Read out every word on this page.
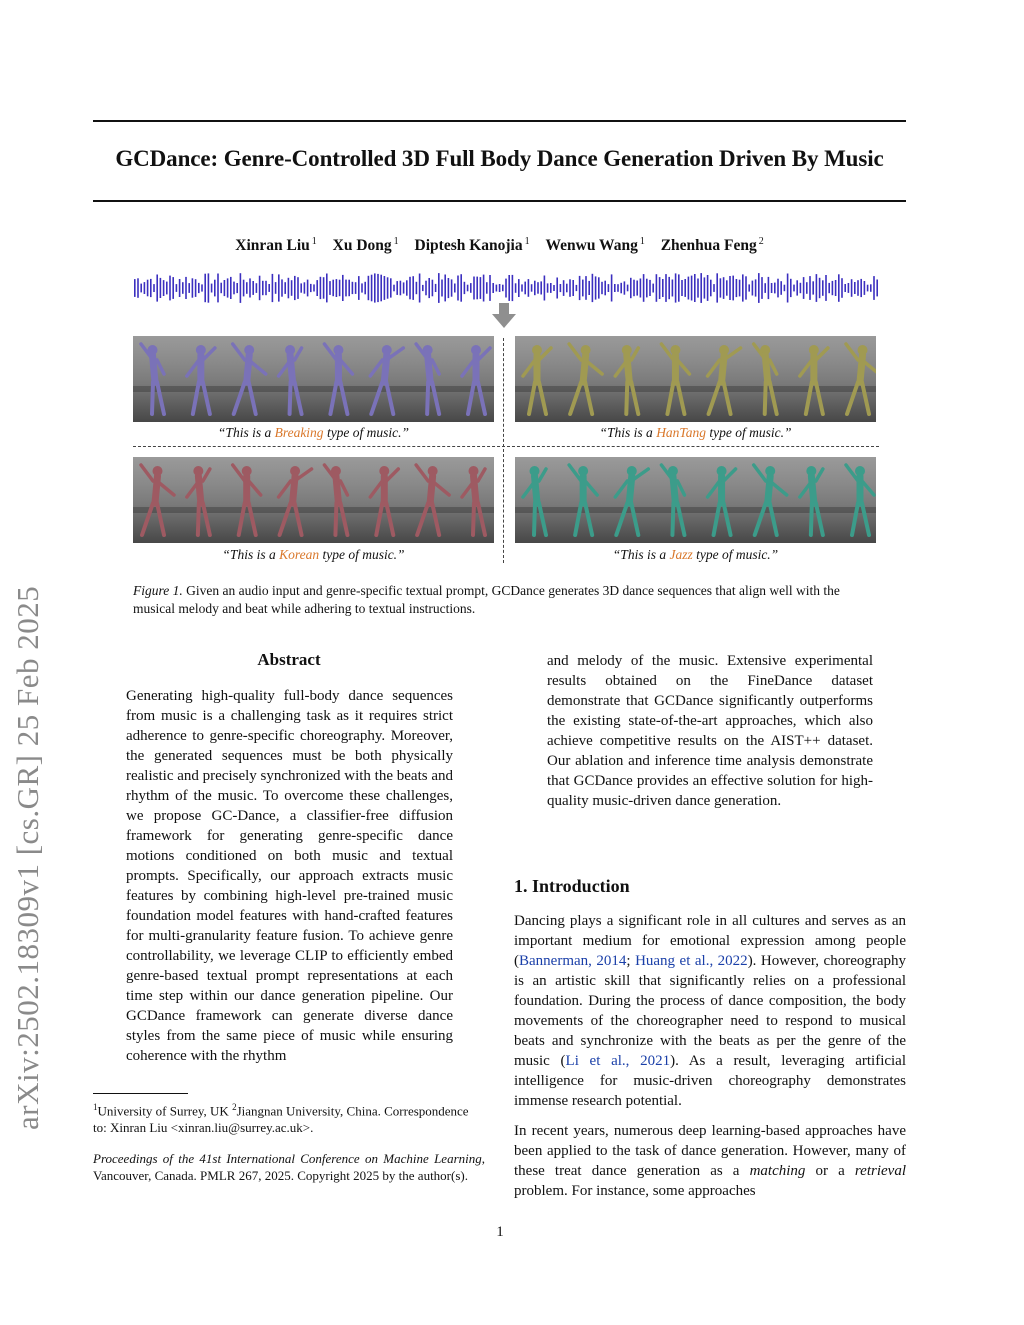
arXiv:2502.18309v1 [cs.GR] 25 Feb 2025
GCDance: Genre-Controlled 3D Full Body Dance Generation Driven By Music
Xinran Liu $^1$ Xu Dong $^1$ Diptesh Kanojia $^1$ Wenwu Wang $^1$ Zhenhua Feng $^2$
“This is a Breaking type of music.”	“This is a HanTang type of music.”
“This is a Korean type of music.”	“This is a Jazz type of music.”
Figure 1. Given an audio input and genre-specific textual prompt, GCDance generates 3D dance sequences that align well with the musical melody and beat while adhering to textual instructions.
Abstract
Generating high-quality full-body dance sequences from music is a challenging task as it requires strict adherence to genre-specific choreography. Moreover, the generated sequences must be both physically realistic and precisely synchronized with the beats and rhythm of the music. To overcome these challenges, we propose GC-Dance, a classifier-free diffusion framework for generating genre-specific dance motions conditioned on both music and textual prompts. Specifically, our approach extracts music features by combining high-level pre-trained music foundation model features with hand-crafted features for multi-granularity feature fusion. To achieve genre controllability, we leverage CLIP to efficiently embed genre-based textual prompt representations at each time step within our dance generation pipeline. Our GCDance framework can generate diverse dance styles from the same piece of music while ensuring coherence with the rhythm
and melody of the music. Extensive experimental results obtained on the FineDance dataset demonstrate that GCDance significantly outperforms the existing state-of-the-art approaches, which also achieve competitive results on the AIST++ dataset. Our ablation and inference time analysis demonstrate that GCDance provides an effective solution for high-quality music-driven dance generation.
$^1$University of Surrey, UK $^2$Jiangnan University, China. Correspondence to: Xinran Liu <xinran.liu@surrey.ac.uk>.
Proceedings of the 41st International Conference on Machine Learning, Vancouver, Canada. PMLR 267, 2025. Copyright 2025 by the author(s).
1. Introduction
Dancing plays a significant role in all cultures and serves as an important medium for emotional expression among people (Bannerman, 2014; Huang et al., 2022). However, choreography is an artistic skill that significantly relies on a professional foundation. During the process of dance composition, the body movements of the choreographer need to respond to musical beats and synchronize with the beats as per the genre of the music (Li et al., 2021). As a result, leveraging artificial intelligence for music-driven choreography demonstrates immense research potential.
In recent years, numerous deep learning-based approaches have been applied to the task of dance generation. However, many of these treat dance generation as a matching or a retrieval problem. For instance, some approaches
1
